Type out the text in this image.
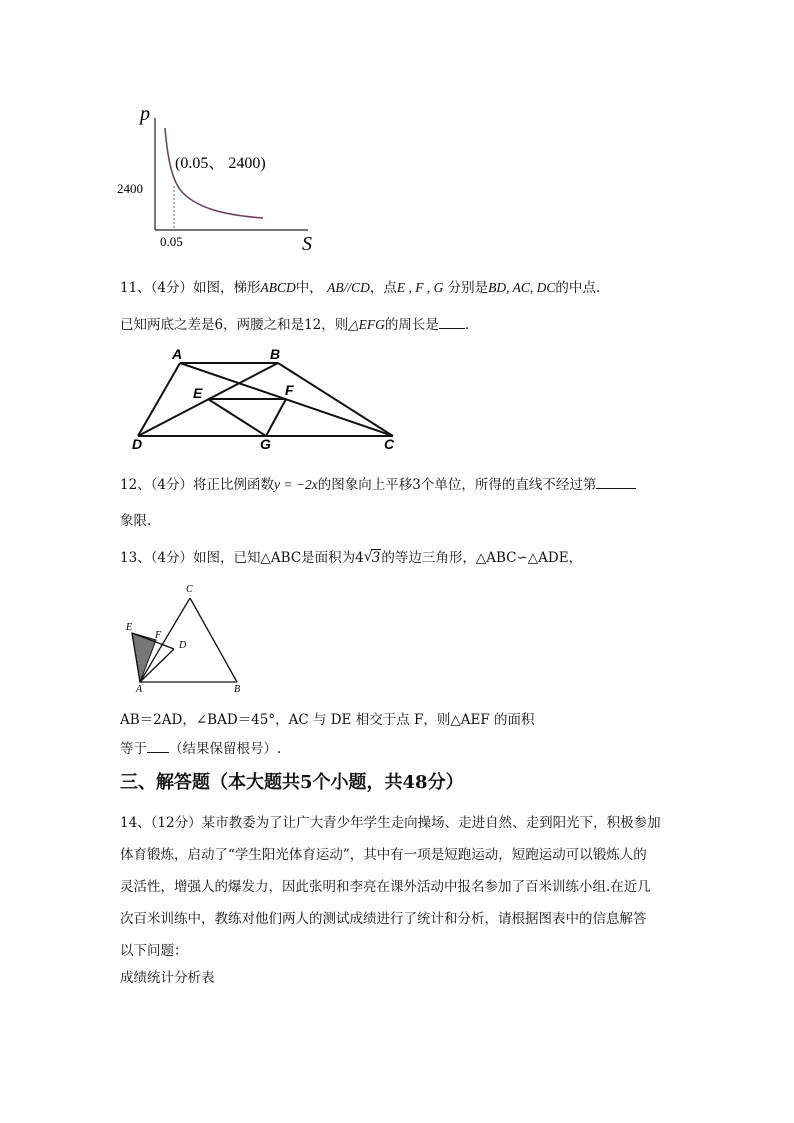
p
S
(0.05、 2400)
2400
0.05
11、（4分）如图，梯形ABCD中， AB//CD，点E , F , G 分别是BD, AC, DC的中点.
已知两底之差是6，两腰之和是12，则△EFG的周长是 .
A	B
E	F
D	G	C
12、（4分）将正比例函数y = −2x的图象向上平移3个单位，所得的直线不经过第
象限.
13、（4分）如图，已知△ABC是面积为4 √ 3的等边三角形，△ABC∽△ADE，
C
E
F
D
A	B
AB＝2AD，∠BAD＝45°，AC 与 DE 相交于点 F，则△AEF 的面积
等于 （结果保留根号）.
三、解答题（本大题共5个小题，共48分）
14、（12分）某市教委为了让广大青少年学生走向操场、走进自然、走到阳光下，积极参加
体育锻炼，启动了“学生阳光体育运动”，其中有一项是短跑运动，短跑运动可以锻炼人的
灵活性，增强人的爆发力，因此张明和李亮在课外活动中报名参加了百米训练小组.在近几
次百米训练中，教练对他们两人的测试成绩进行了统计和分析，请根据图表中的信息解答
以下问题：
成绩统计分析表
